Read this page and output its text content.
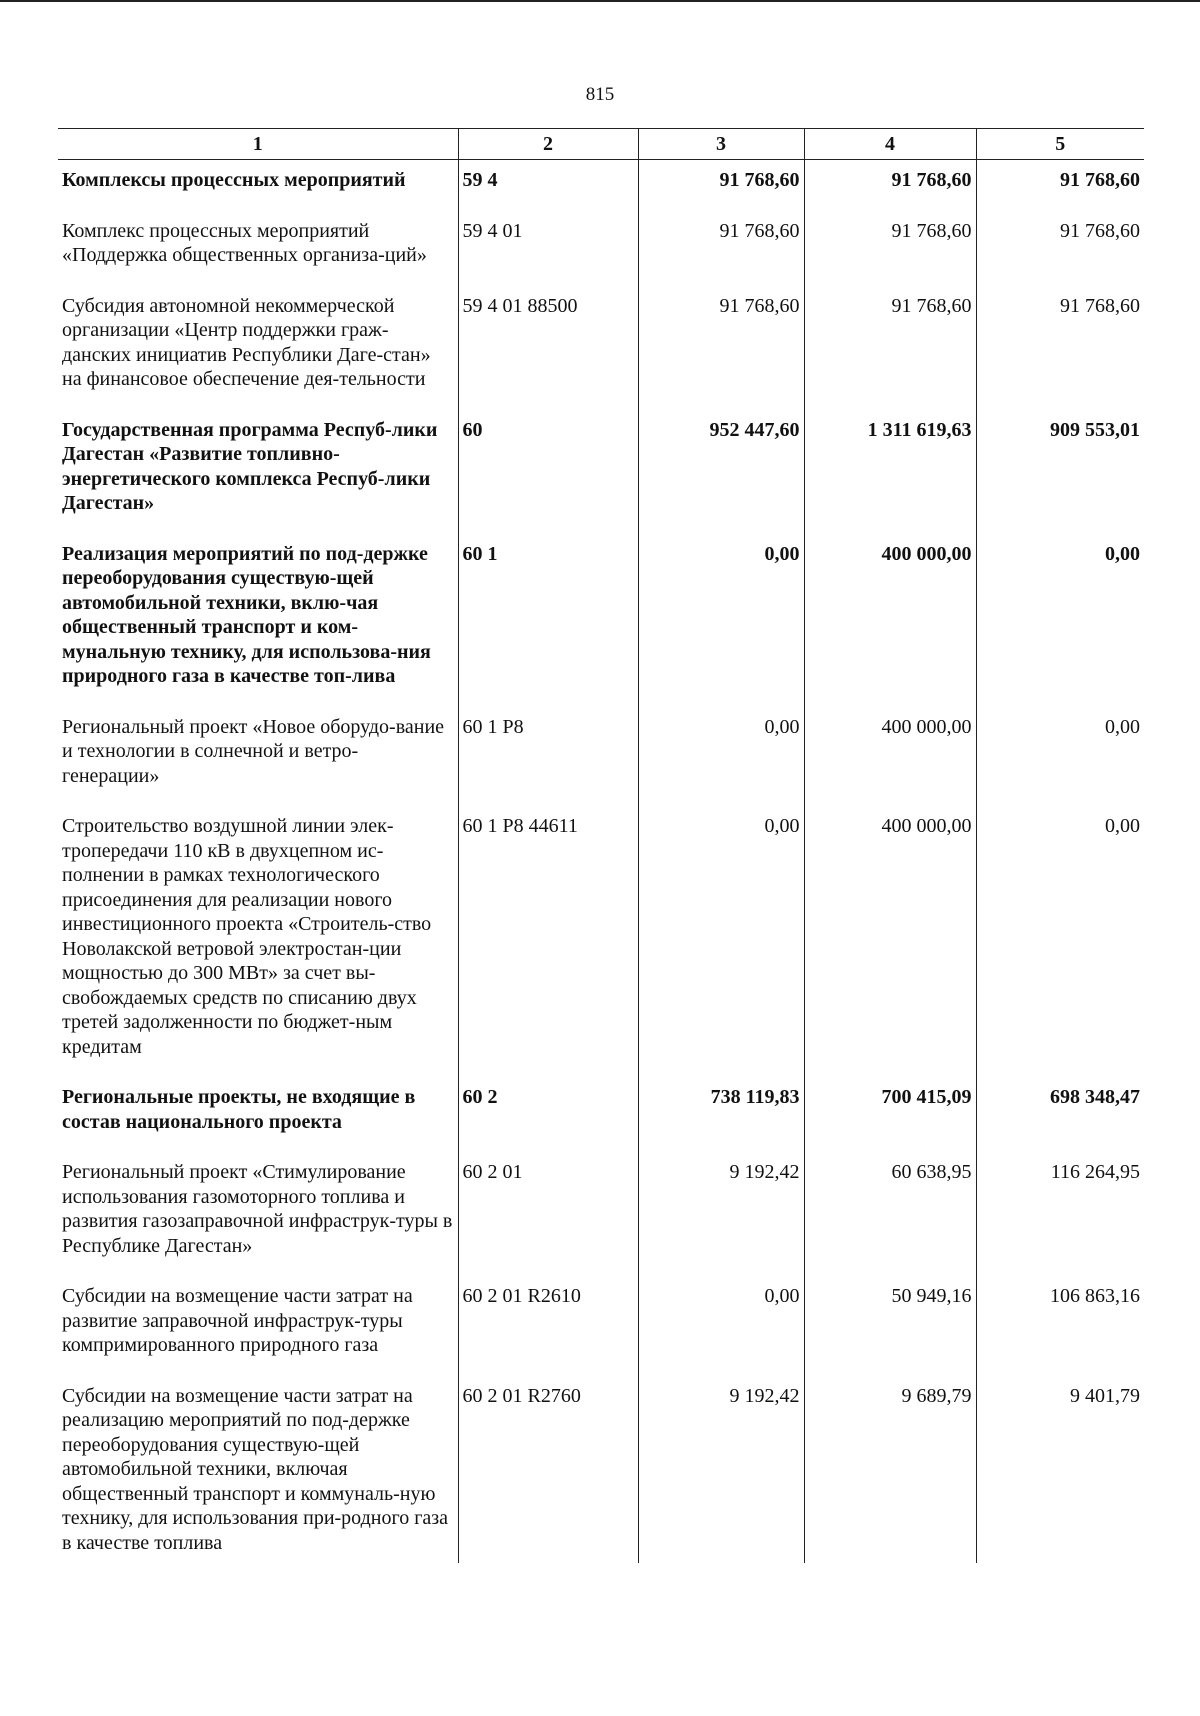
815
1	2	3	4	5
Комплексы процессных мероприятий	59 4	91 768,60	91 768,60	91 768,60
Комплекс процессных мероприятий «Поддержка общественных организа-ций»	59 4 01	91 768,60	91 768,60	91 768,60
Субсидия автономной некоммерческой организации «Центр поддержки граж-данских инициатив Республики Даге-стан» на финансовое обеспечение дея-тельности	59 4 01 88500	91 768,60	91 768,60	91 768,60
Государственная программа Респуб-лики Дагестан «Развитие топливно-энергетического комплекса Респуб-лики Дагестан»	60	952 447,60	1 311 619,63	909 553,01
Реализация мероприятий по под-держке переоборудования существую-щей автомобильной техники, вклю-чая общественный транспорт и ком-мунальную технику, для использова-ния природного газа в качестве топ-лива	60 1	0,00	400 000,00	0,00
Региональный проект «Новое оборудо-вание и технологии в солнечной и ветро-генерации»	60 1 P8	0,00	400 000,00	0,00
Строительство воздушной линии элек-тропередачи 110 кВ в двухцепном ис-полнении в рамках технологического присоединения для реализации нового инвестиционного проекта «Строитель-ство Новолакской ветровой электростан-ции мощностью до 300 МВт» за счет вы-свобождаемых средств по списанию двух третей задолженности по бюджет-ным кредитам	60 1 P8 44611	0,00	400 000,00	0,00
Региональные проекты, не входящие в состав национального проекта	60 2	738 119,83	700 415,09	698 348,47
Региональный проект «Стимулирование использования газомоторного топлива и развития газозаправочной инфраструк-туры в Республике Дагестан»	60 2 01	9 192,42	60 638,95	116 264,95
Субсидии на возмещение части затрат на развитие заправочной инфраструк-туры компримированного природного газа	60 2 01 R2610	0,00	50 949,16	106 863,16
Субсидии на возмещение части затрат на реализацию мероприятий по под-держке переоборудования существую-щей автомобильной техники, включая общественный транспорт и коммуналь-ную технику, для использования при-родного газа в качестве топлива	60 2 01 R2760	9 192,42	9 689,79	9 401,79
